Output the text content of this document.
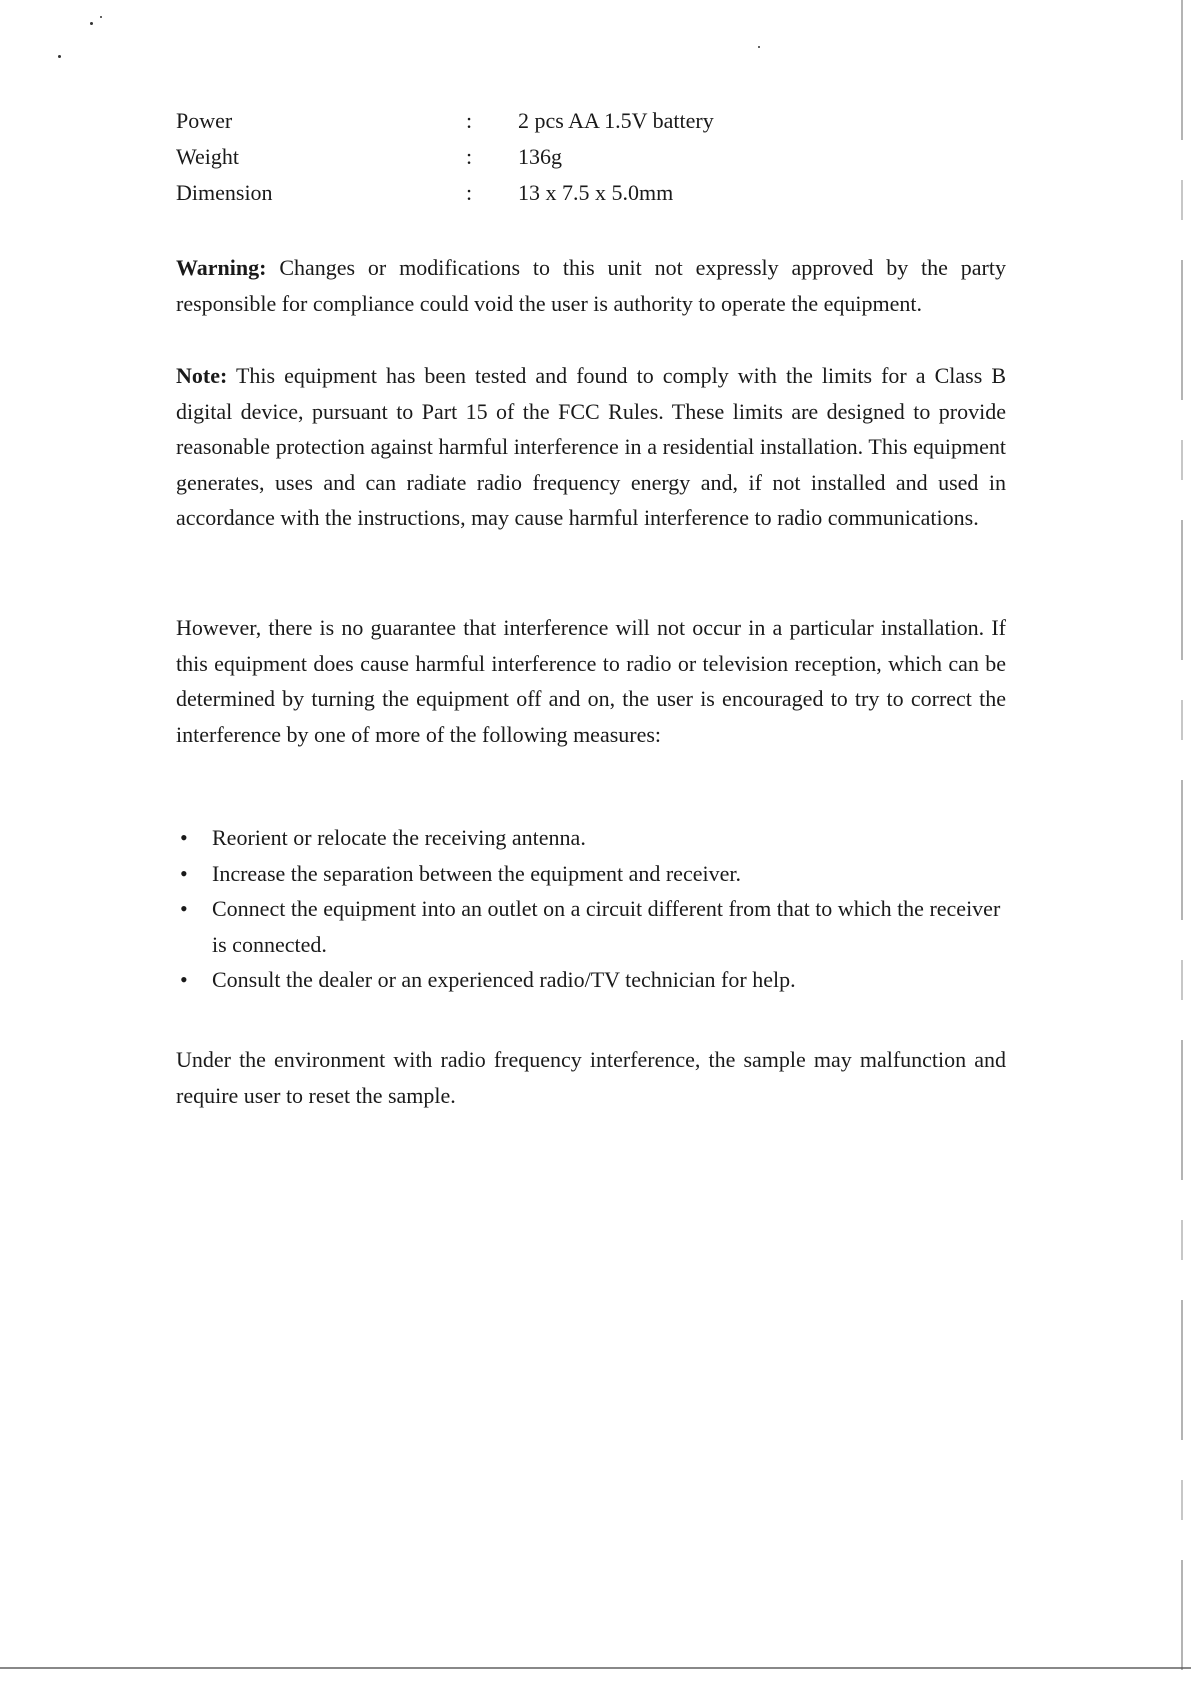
Power	:	2 pcs AA 1.5V battery
Weight	:	136g
Dimension	:	13 x 7.5 x 5.0mm

Warning: Changes or modifications to this unit not expressly approved by the party responsible for compliance could void the user is authority to operate the equipment.

Note: This equipment has been tested and found to comply with the limits for a Class B digital device, pursuant to Part 15 of the FCC Rules. These limits are designed to provide reasonable protection against harmful interference in a residential installation. This equipment generates, uses and can radiate radio frequency energy and, if not installed and used in accordance with the instructions, may cause harmful interference to radio communications.

However, there is no guarantee that interference will not occur in a particular installation. If this equipment does cause harmful interference to radio or television reception, which can be determined by turning the equipment off and on, the user is encouraged to try to correct the interference by one of more of the following measures:

• Reorient or relocate the receiving antenna.
• Increase the separation between the equipment and receiver.
• Connect the equipment into an outlet on a circuit different from that to which the receiver is connected.
• Consult the dealer or an experienced radio/TV technician for help.

Under the environment with radio frequency interference, the sample may malfunction and require user to reset the sample.
